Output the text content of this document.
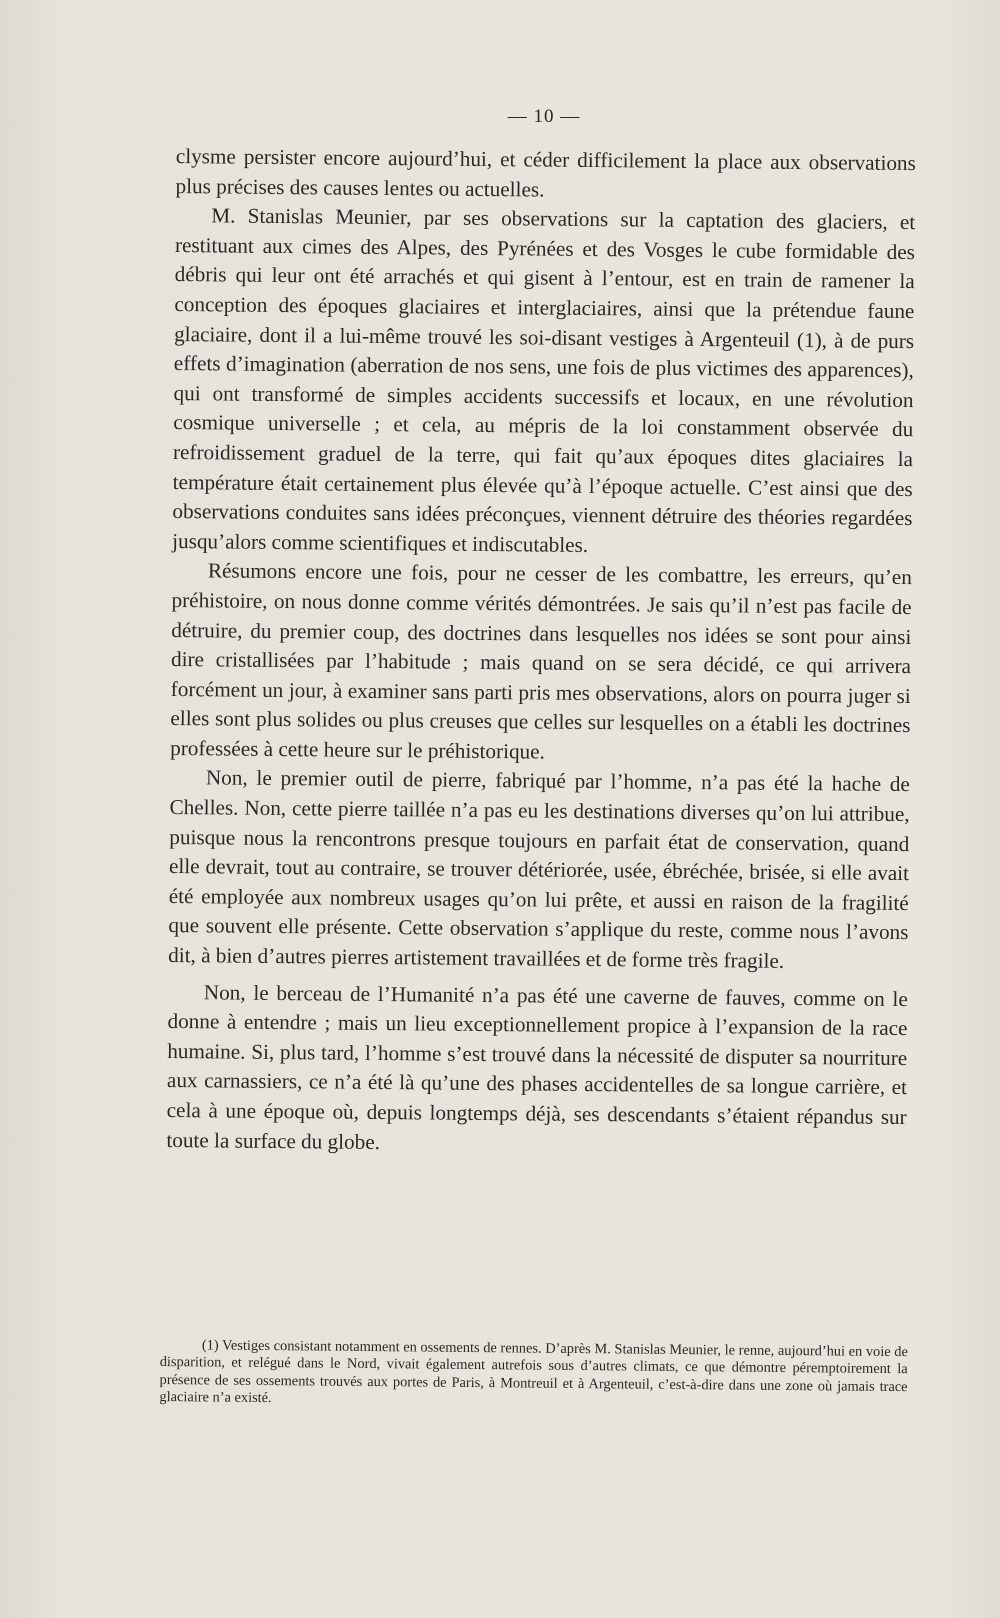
— 10 —

clysme persister encore aujourd’hui, et céder difficilement la place aux observations plus précises des causes lentes ou actuelles.

M. Stanislas Meunier, par ses observations sur la captation des glaciers, et restituant aux cimes des Alpes, des Pyrénées et des Vosges le cube formidable des débris qui leur ont été arrachés et qui gisent à l’entour, est en train de ramener la conception des époques glaciaires et interglaciaires, ainsi que la prétendue faune glaciaire, dont il a lui-même trouvé les soi-disant vestiges à Argenteuil (1), à de purs effets d’imagination (aberration de nos sens, une fois de plus victimes des apparences), qui ont transformé de simples accidents successifs et locaux, en une révolution cosmique universelle ; et cela, au mépris de la loi constamment observée du refroidissement graduel de la terre, qui fait qu’aux époques dites glaciaires la température était certainement plus élevée qu’à l’époque actuelle. C’est ainsi que des observations conduites sans idées préconçues, viennent détruire des théories regardées jusqu’alors comme scientifiques et indiscutables.

Résumons encore une fois, pour ne cesser de les combattre, les erreurs, qu’en préhistoire, on nous donne comme vérités démontrées. Je sais qu’il n’est pas facile de détruire, du premier coup, des doctrines dans lesquelles nos idées se sont pour ainsi dire cristallisées par l’habitude ; mais quand on se sera décidé, ce qui arrivera forcément un jour, à examiner sans parti pris mes observations, alors on pourra juger si elles sont plus solides ou plus creuses que celles sur lesquelles on a établi les doctrines professées à cette heure sur le préhistorique.

Non, le premier outil de pierre, fabriqué par l’homme, n’a pas été la hache de Chelles. Non, cette pierre taillée n’a pas eu les destinations diverses qu’on lui attribue, puisque nous la rencontrons presque toujours en parfait état de conservation, quand elle devrait, tout au contraire, se trouver détériorée, usée, ébréchée, brisée, si elle avait été employée aux nombreux usages qu’on lui prête, et aussi en raison de la fragilité que souvent elle présente. Cette observation s’applique du reste, comme nous l’avons dit, à bien d’autres pierres artistement travaillées et de forme très fragile.

Non, le berceau de l’Humanité n’a pas été une caverne de fauves, comme on le donne à entendre ; mais un lieu exceptionnellement propice à l’expansion de la race humaine. Si, plus tard, l’homme s’est trouvé dans la nécessité de disputer sa nourriture aux carnassiers, ce n’a été là qu’une des phases accidentelles de sa longue carrière, et cela à une époque où, depuis longtemps déjà, ses descendants s’étaient répandus sur toute la surface du globe.

(1) Vestiges consistant notamment en ossements de rennes. D’après M. Stanislas Meunier, le renne, aujourd’hui en voie de disparition, et relégué dans le Nord, vivait également autrefois sous d’autres climats, ce que démontre péremptoirement la présence de ses ossements trouvés aux portes de Paris, à Montreuil et à Argenteuil, c’est-à-dire dans une zone où jamais trace glaciaire n’a existé.
